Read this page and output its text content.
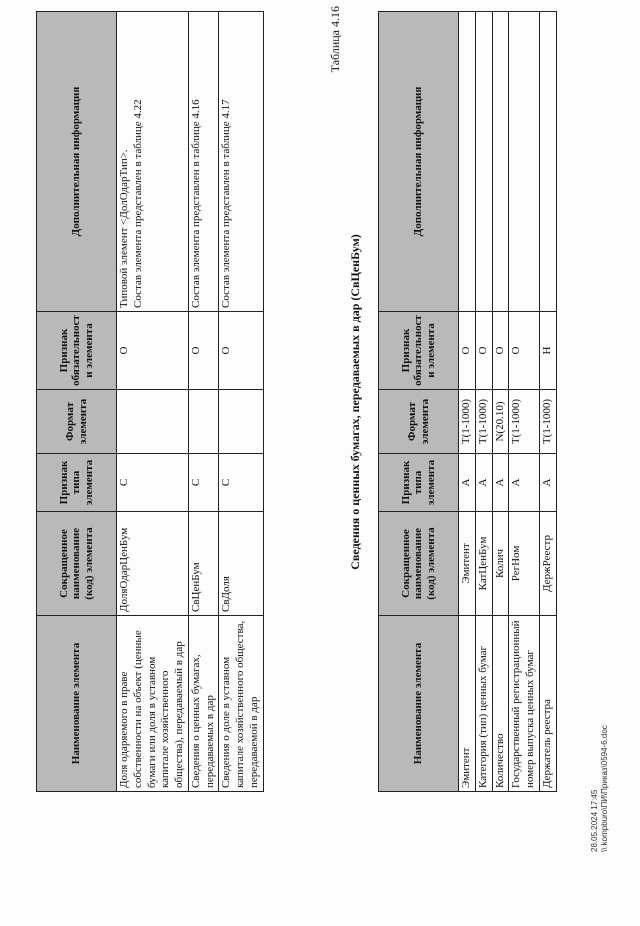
Наименование элемента	Сокращенное наименование (код) элемента	Признак типа элемента	Формат элемента	Признак обязательности элемента	Дополнительная информация
Доля одаряемого в праве собственности на объект (ценные бумаги или доля в уставном капитале хозяйственного общества), передаваемый в дар	ДоляОдарЦенБум	С		О	Типовой элемент <ДолОдарТип>.
Состав элемента представлен в таблице 4.22
Сведения о ценных бумагах, передаваемых в дар	СвЦенБум	С		О	Состав элемента представлен в таблице 4.16
Сведения о доле в уставном капитале хозяйственного общества, передаваемой в дар	СвДоля	С		О	Состав элемента представлен в таблице 4.17
Таблица 4.16
Сведения о ценных бумагах, передаваемых в дар (СвЦенБум)
Наименование элемента	Сокращенное наименование (код) элемента	Признак типа элемента	Формат элемента	Признак обязательности элемента	Дополнительная информация
Эмитент	Эмитент	А	T(1-1000)	О	
Категория (тип) ценных бумаг	КатЦенБум	А	T(1-1000)	О	
Количество	Колич	А	N(20.10)	О	
Государственный регистрационный номер выпуска ценных бумаг	РегНом	А	T(1-1000)	О	
Держатель реестра	ДержРеестр	А	T(1-1000)	Н	
28.05.2024 17:45 \\ kompburo\ПИ\Приказ\0594-6.doc
